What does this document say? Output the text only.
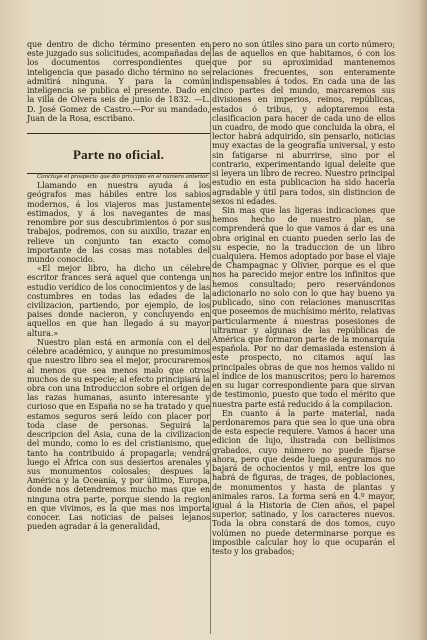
que dentro de dicho término presenten en este juzgado sus solicitudes, acompañadas de los documentos correspondientes que inteligencia que pasado dicho término no se admitirá ninguna. Y para la común inteligencia se publica el presente. Dado en la villa de Olvera seis de junio de 1832. —L. D. José Gomez de Castro.—Por su mandado, Juan de la Rosa, escribano.

Parte no oficial.

Concluye el prospecto que dió principio en el número anterior.

Llamando en nuestra ayuda á los geógrafos mas hábiles entre los sabios modernos, á los viajeros mas justamente estimados, y á los navegantes de mas renombre por sus descubrimientos ó por sus trabajos, podremos, con su auxilio, trazar en relieve un conjunto tan exacto como importante de las cosas mas notables del mundo conocido.

«El mejor libro, ha dicho un célebre escritor frances será aquel que contenga un estudio verídico de los conocimientos y de las costumbres en todas las edades de la civilizacion, partiendo, por ejemplo, de los paises donde nacieron, y concluyendo en aquellos en que han llegado á su mayor altura.»

Nuestro plan está en armonía con el del célebre académico, y aunque no presumimos que nuestro libro sea el mejor, procuraremos al menos que sea menos malo que otros muchos de su especie; al efecto principiará la obra con una Introduccion sobre el origen de las razas humanas, asunto interesante y curioso que en España no se ha tratado y que estamos seguros será leído con placer por toda clase de personas. Seguirá la descripcion del Asia, cuna de la civilizacion del mundo, como lo es del cristianismo, que tanto ha contribuido á propagarla; vendrá luego el África con sus desiertos arenales y sus monumentos colosales; despues la América y la Oceanía, y por último, Europa, donde nos detendremos mucho mas que en ninguna otra parte, porque siendo la region en que vivimos, es la que mas nos importa conocer. Las noticias de paises lejanos pueden agradar á la generalidad,

pero no son útiles sino para un corto número; las de aquellos en que habitamos, ó con los que por su aproximidad mantenemos relaciones frecuentes, son enteramente indispensables á todos. En cada una de las cinco partes del mundo, marcaremos sus divisiones en imperios, reinos, repúblicas, estados ó tribus, y adoptaremos esta clasificacion para hacer de cada uno de ellos un cuadro, de modo que concluida la obra, el lector habrá adquirido, sin pensarlo, noticias muy exactas de la geografía universal, y esto sin fatigarse ni aburrirse, sino por el contrario, experimentando igual deleite que si leyera un libro de recreo. Nuestro principal estudio en esta publicacion ha sido hacerla agradable y útil para todos, sin distincion de sexos ni edades.

Sin mas que las ligeras indicaciones que hemos hecho de nuestro plan, se comprenderá que lo que vamos á dar es una obra original en cuanto pueden serlo las de su especie, no la traduccion de un libro cualquiera. Hemos adoptado por base el viaje de Champagnac y Olivier, porque es el que nos ha parecido mejor entre los infinitos que hemos consultado; pero reservándonos adicionarlo no solo con lo que hay bueno ya publicado, sino con relaciones manuscritas que poseemos de muchísimo mérito, relativas particularmente á nuestras posesiones de ultramar y algunas de las repúblicas de América que formaron parte de la monarquía española. Por no dar demasiada estension á este prospecto, no citamos aquí las principales obras de que nos hemos valido ni el índice de los manuscritos; pero lo haremos en su lugar correspondiente para que sirvan de testimonio, puesto que todo el mérito que nuestra parte está reducido á la compilacion.

En cuanto á la parte material, nada perdonaremos para que sea lo que una obra de esta especie requiere. Vamos á hacer una edicion de lujo, ilustrada con bellísimos grabados, cuyo número no puede fijarse ahora, pero que desde luego aseguramos no bajará de ochocientos y mil, entre los que habrá de figuras, de trages, de poblaciones, de monumentos y hasta de plantas y animales raros. La forma será en 4.º mayor, igual á la Historia de Cien años, el papel superior, satinado, y los caracteres nuevos. Toda la obra constará de dos tomos, cuyo volúmen no puede determinarse porque es imposible calcular hoy lo que ocuparán el testo y los grabados;
